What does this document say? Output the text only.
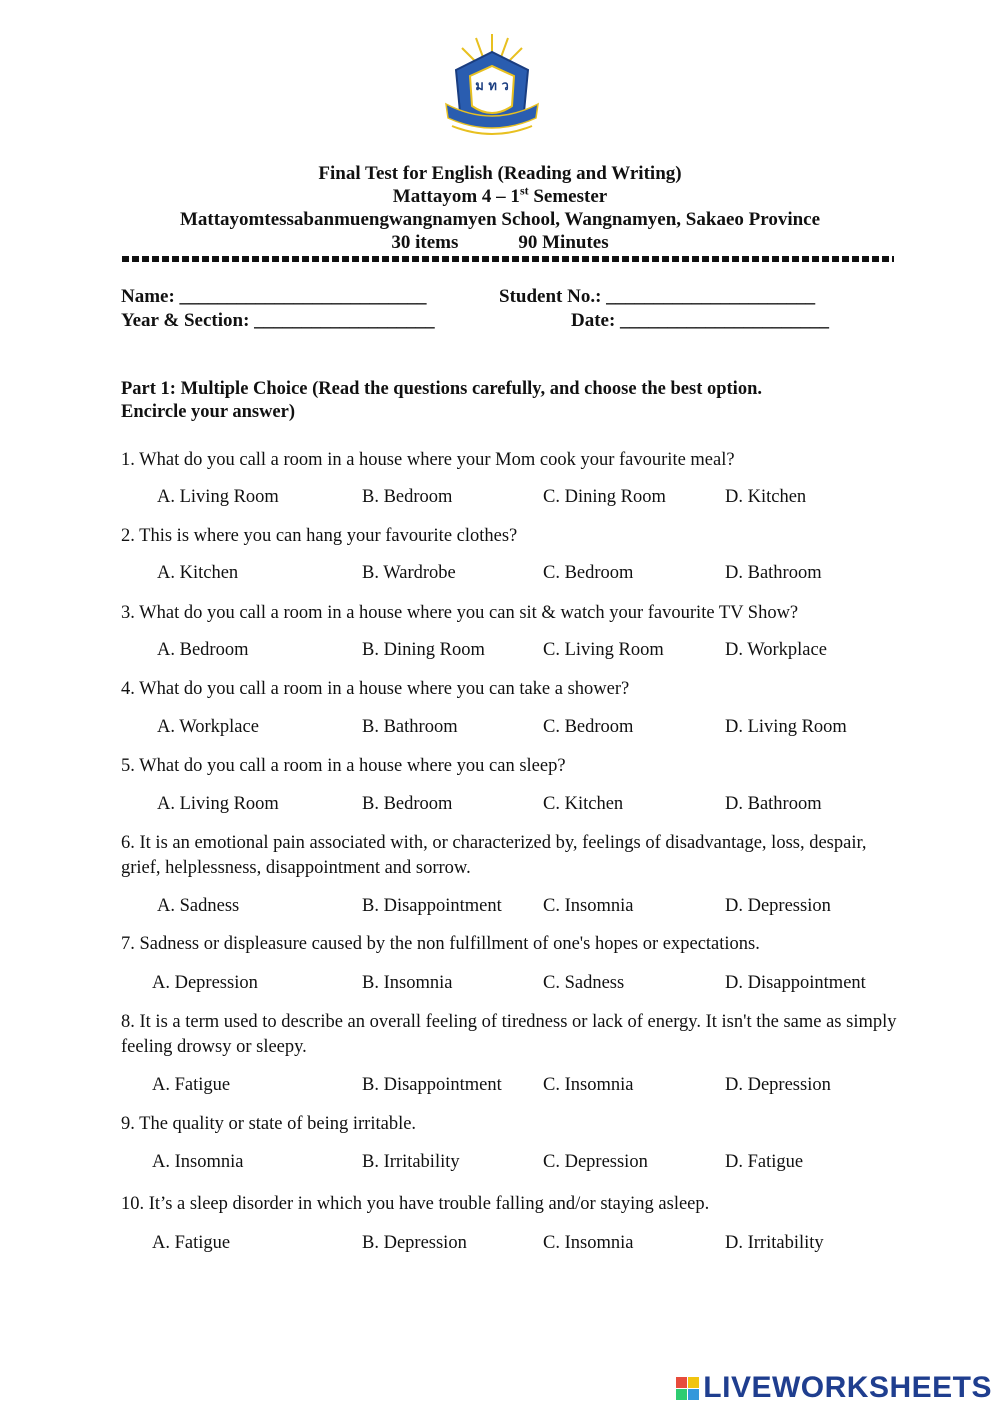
ม ท ว
Final Test for English (Reading and Writing)
Mattayom 4 – 1st Semester
Mattayomtessabanmuengwangnamyen School, Wangnamyen, Sakaeo Province
30 items	90 Minutes
Name: __________________________	Student No.: ______________________
Year & Section: ___________________	Date: ______________________
Part 1: Multiple Choice (Read the questions carefully, and choose the best option.
Encircle your answer)
1. What do you call a room in a house where your Mom cook your favourite meal?
A. Living Room	B. Bedroom	C. Dining Room	D. Kitchen
2. This is where you can hang your favourite clothes?
A. Kitchen	B. Wardrobe	C. Bedroom	D. Bathroom
3. What do you call a room in a house where you can sit & watch your favourite TV Show?
A. Bedroom	B. Dining Room	C. Living Room	D. Workplace
4. What do you call a room in a house where you can take a shower?
A. Workplace	B. Bathroom	C. Bedroom	D. Living Room
5. What do you call a room in a house where you can sleep?
A. Living Room	B. Bedroom	C. Kitchen	D. Bathroom
6. It is an emotional pain associated with, or characterized by, feelings of disadvantage, loss, despair, grief, helplessness, disappointment and sorrow.
A. Sadness	B. Disappointment C. Insomnia	D. Depression
7. Sadness or displeasure caused by the non fulfillment of one's hopes or expectations.
A. Depression	B. Insomnia	C. Sadness	D. Disappointment
8. It is a term used to describe an overall feeling of tiredness or lack of energy. It isn't the same as simply feeling drowsy or sleepy.
A. Fatigue	B. Disappointment C. Insomnia	D. Depression
9. The quality or state of being irritable.
A. Insomnia	B. Irritability	C. Depression	D. Fatigue
10. It’s a sleep disorder in which you have trouble falling and/or staying asleep.
A. Fatigue	B. Depression	C. Insomnia	D. Irritability
LIVEWORKSHEETS
